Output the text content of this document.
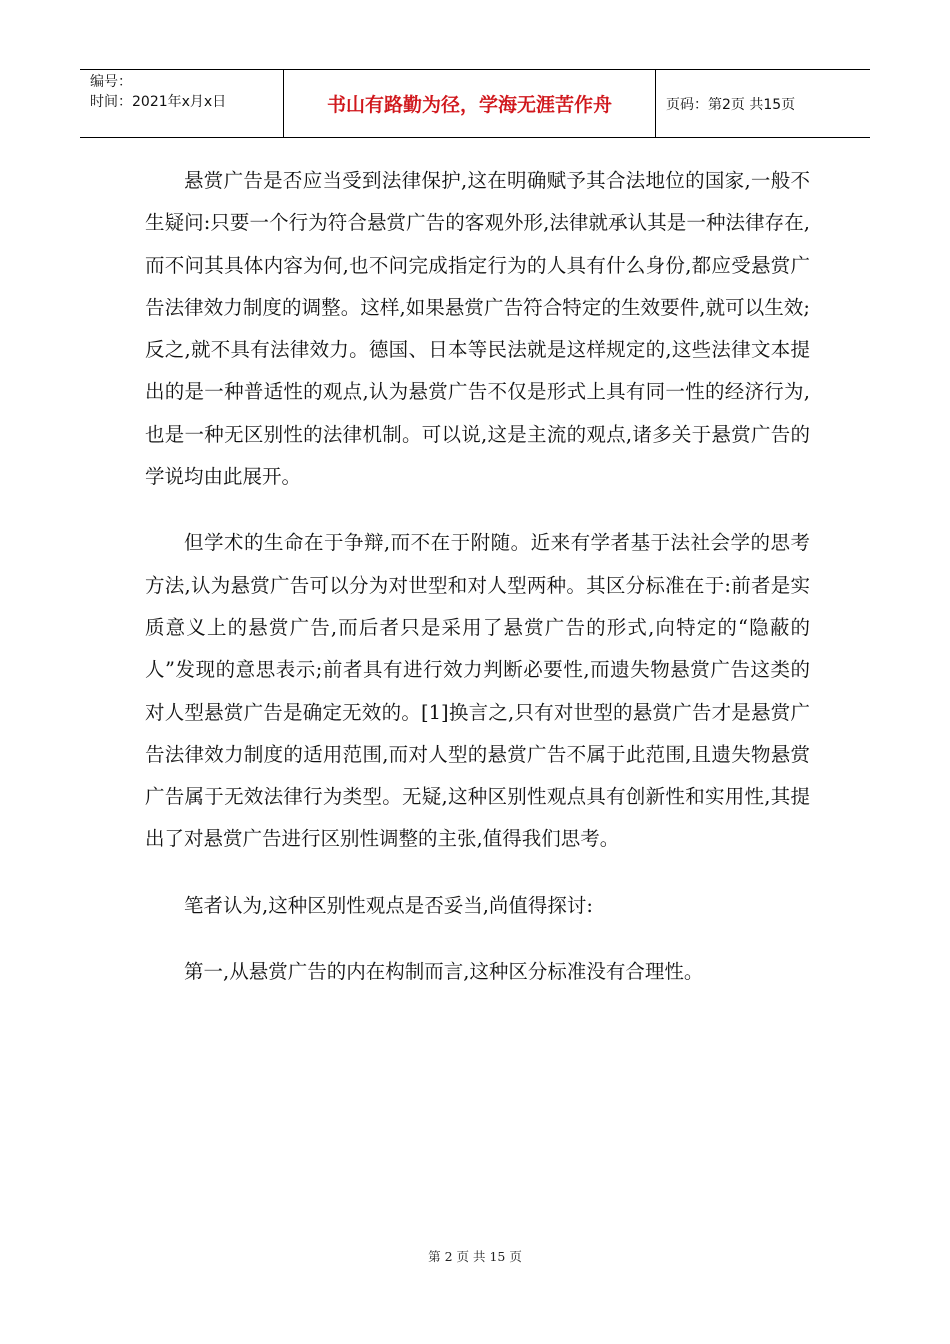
编号：
时间：2021年x月x日	书山有路勤为径，学海无涯苦作舟	页码：第2页 共15页

悬赏广告是否应当受到法律保护,这在明确赋予其合法地位的国家,一般不生疑问:只要一个行为符合悬赏广告的客观外形,法律就承认其是一种法律存在,而不问其具体内容为何,也不问完成指定行为的人具有什么身份,都应受悬赏广告法律效力制度的调整。这样,如果悬赏广告符合特定的生效要件,就可以生效;反之,就不具有法律效力。德国、日本等民法就是这样规定的,这些法律文本提出的是一种普适性的观点,认为悬赏广告不仅是形式上具有同一性的经济行为,也是一种无区别性的法律机制。可以说,这是主流的观点,诸多关于悬赏广告的学说均由此展开。

但学术的生命在于争辩,而不在于附随。近来有学者基于法社会学的思考方法,认为悬赏广告可以分为对世型和对人型两种。其区分标准在于:前者是实质意义上的悬赏广告,而后者只是采用了悬赏广告的形式,向特定的“隐蔽的人”发现的意思表示;前者具有进行效力判断必要性,而遗失物悬赏广告这类的对人型悬赏广告是确定无效的。[1]换言之,只有对世型的悬赏广告才是悬赏广告法律效力制度的适用范围,而对人型的悬赏广告不属于此范围,且遗失物悬赏广告属于无效法律行为类型。无疑,这种区别性观点具有创新性和实用性,其提出了对悬赏广告进行区别性调整的主张,值得我们思考。

笔者认为,这种区别性观点是否妥当,尚值得探讨:

第一,从悬赏广告的内在构制而言,这种区分标准没有合理性。

第 2 页 共 15 页
